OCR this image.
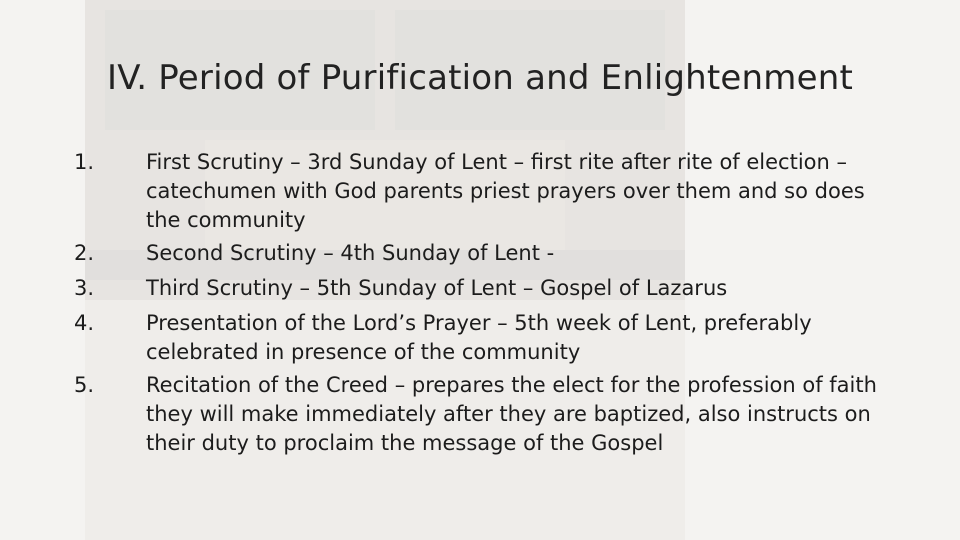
IV. Period of Purification and Enlightenment
1.	First Scrutiny – 3rd Sunday of Lent – first rite after rite of election – catechumen with God parents priest prayers over them and so does the community
2.	Second Scrutiny – 4th Sunday of Lent -
3.	Third Scrutiny – 5th Sunday of Lent – Gospel of Lazarus
4.	Presentation of the Lord’s Prayer – 5th week of Lent, preferably celebrated in presence of the community
5.	Recitation of the Creed – prepares the elect for the profession of faith they will make immediately after they are baptized, also instructs on their duty to proclaim the message of the Gospel
